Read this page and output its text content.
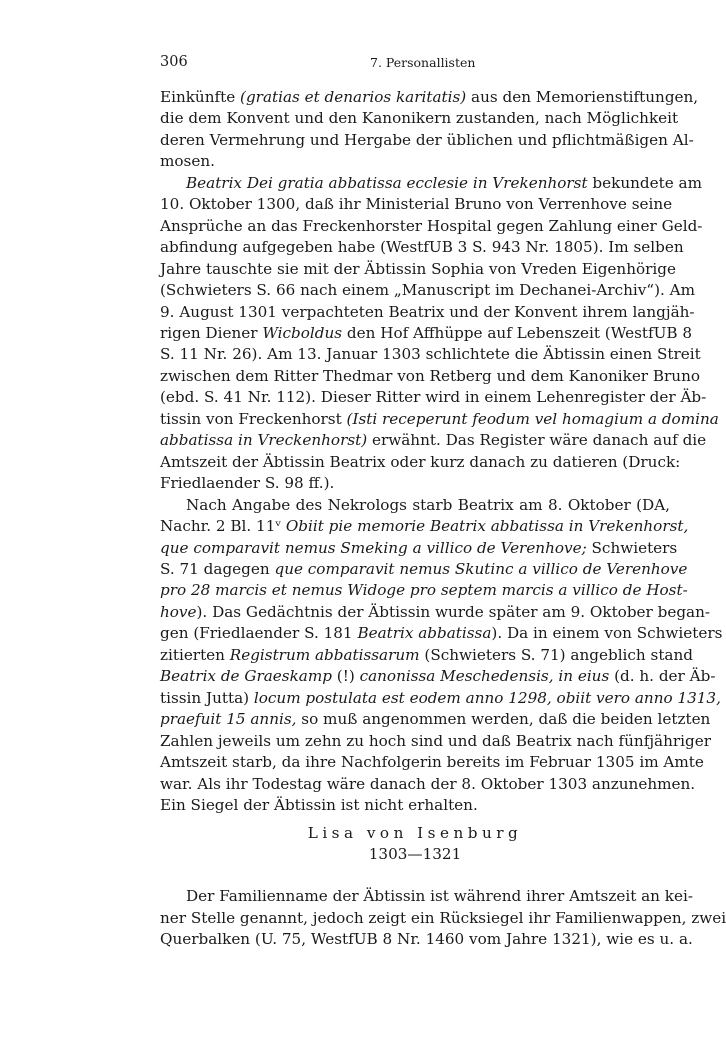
306	7. Personallisten
Einkünfte (gratias et denarios karitatis) aus den Memorienstiftungen,
die dem Konvent und den Kanonikern zustanden, nach Möglichkeit
deren Vermehrung und Hergabe der üblichen und pflichtmäßigen Al-
mosen.
Beatrix Dei gratia abbatissa ecclesie in Vrekenhorst bekundete am
10. Oktober 1300, daß ihr Ministerial Bruno von Verrenhove seine
Ansprüche an das Freckenhorster Hospital gegen Zahlung einer Geld-
abfindung aufgegeben habe (WestfUB 3 S. 943 Nr. 1805). Im selben
Jahre tauschte sie mit der Äbtissin Sophia von Vreden Eigenhörige
(Schwieters S. 66 nach einem „Manuscript im Dechanei-Archiv“). Am
9. August 1301 verpachteten Beatrix und der Konvent ihrem langjäh-
rigen Diener Wicboldus den Hof Affhüppe auf Lebenszeit (WestfUB 8
S. 11 Nr. 26). Am 13. Januar 1303 schlichtete die Äbtissin einen Streit
zwischen dem Ritter Thedmar von Retberg und dem Kanoniker Bruno
(ebd. S. 41 Nr. 112). Dieser Ritter wird in einem Lehenregister der Äb-
tissin von Freckenhorst (Isti receperunt feodum vel homagium a domina
abbatissa in Vreckenhorst) erwähnt. Das Register wäre danach auf die
Amtszeit der Äbtissin Beatrix oder kurz danach zu datieren (Druck:
Friedlaender S. 98 ff.).
Nach Angabe des Nekrologs starb Beatrix am 8. Oktober (DA,
Nachr. 2 Bl. 11ᵛ Obiit pie memorie Beatrix abbatissa in Vrekenhorst,
que comparavit nemus Smeking a villico de Verenhove; Schwieters
S. 71 dagegen que comparavit nemus Skutinc a villico de Verenhove
pro 28 marcis et nemus Widoge pro septem marcis a villico de Host-
hove). Das Gedächtnis der Äbtissin wurde später am 9. Oktober began-
gen (Friedlaender S. 181 Beatrix abbatissa). Da in einem von Schwieters
zitierten Registrum abbatissarum (Schwieters S. 71) angeblich stand
Beatrix de Graeskamp (!) canonissa Meschedensis, in eius (d. h. der Äb-
tissin Jutta) locum postulata est eodem anno 1298, obiit vero anno 1313,
praefuit 15 annis, so muß angenommen werden, daß die beiden letzten
Zahlen jeweils um zehn zu hoch sind und daß Beatrix nach fünfjähriger
Amtszeit starb, da ihre Nachfolgerin bereits im Februar 1305 im Amte
war. Als ihr Todestag wäre danach der 8. Oktober 1303 anzunehmen.
Ein Siegel der Äbtissin ist nicht erhalten.
Lisa von Isenburg
1303—1321
Der Familienname der Äbtissin ist während ihrer Amtszeit an kei-
ner Stelle genannt, jedoch zeigt ein Rücksiegel ihr Familienwappen, zwei
Querbalken (U. 75, WestfUB 8 Nr. 1460 vom Jahre 1321), wie es u. a.
